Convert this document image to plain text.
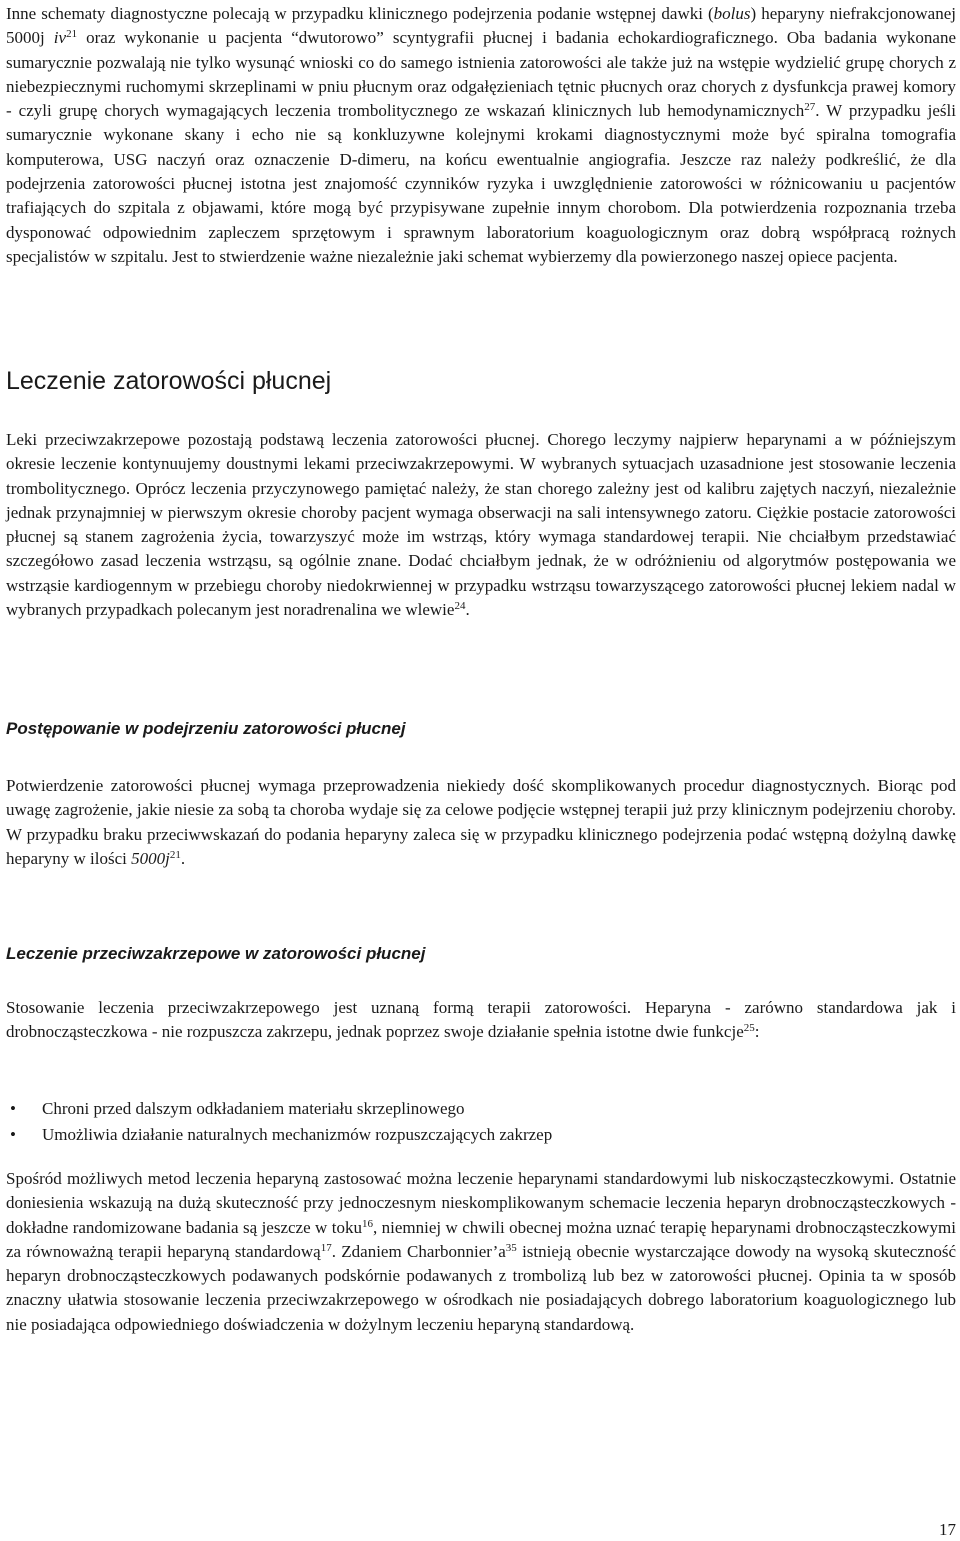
Inne schematy diagnostyczne polecają w przypadku klinicznego podejrzenia podanie wstępnej dawki (bolus) heparyny niefrakcjonowanej 5000j $iv^{21}$ oraz wykonanie u pacjenta “dwutorowo” scyntygrafii płucnej i badania echokardiograficznego. Oba badania wykonane sumarycznie pozwalają nie tylko wysunąć wnioski co do samego istnienia zatorowości ale także już na wstępie wydzielić grupę chorych z niebezpiecznymi ruchomymi skrzeplinami w pniu płucnym oraz odgałęzieniach tętnic płucnych oraz chorych z dysfunkcja prawej komory - czyli grupę chorych wymagających leczenia trombolitycznego ze wskazań klinicznych lub hemodynamicznych$^{27}$. W przypadku jeśli sumarycznie wykonane skany i echo nie są konkluzywne kolejnymi krokami diagnostycznymi może być spiralna tomografia komputerowa, USG naczyń oraz oznaczenie D-dimeru, na końcu ewentualnie angiografia. Jeszcze raz należy podkreślić, że dla podejrzenia zatorowości płucnej istotna jest znajomość czynników ryzyka i uwzględnienie zatorowości w różnicowaniu u pacjentów trafiających do szpitala z objawami, które mogą być przypisywane zupełnie innym chorobom. Dla potwierdzenia rozpoznania trzeba dysponować odpowiednim zapleczem sprzętowym i sprawnym laboratorium koaguologicznym oraz dobrą współpracą rożnych specjalistów w szpitalu. Jest to stwierdzenie ważne niezależnie jaki schemat wybierzemy dla powierzonego naszej opiece pacjenta.

Leczenie zatorowości płucnej

Leki przeciwzakrzepowe pozostają podstawą leczenia zatorowości płucnej. Chorego leczymy najpierw heparynami a w późniejszym okresie leczenie kontynuujemy doustnymi lekami przeciwzakrzepowymi. W wybranych sytuacjach uzasadnione jest stosowanie leczenia trombolitycznego. Oprócz leczenia przyczynowego pamiętać należy, że stan chorego zależny jest od kalibru zajętych naczyń, niezależnie jednak przynajmniej w pierwszym okresie choroby pacjent wymaga obserwacji na sali intensywnego zatoru. Ciężkie postacie zatorowości płucnej są stanem zagrożenia życia, towarzyszyć może im wstrząs, który wymaga standardowej terapii. Nie chciałbym przedstawiać szczegółowo zasad leczenia wstrząsu, są ogólnie znane. Dodać chciałbym jednak, że w odróżnieniu od algorytmów postępowania we wstrząsie kardiogennym w przebiegu choroby niedokrwiennej w przypadku wstrząsu towarzyszącego zatorowości płucnej lekiem nadal w wybranych przypadkach polecanym jest noradrenalina we wlewie$^{24}$.

Postępowanie w podejrzeniu zatorowości płucnej

Potwierdzenie zatorowości płucnej wymaga przeprowadzenia niekiedy dość skomplikowanych procedur diagnostycznych. Biorąc pod uwagę zagrożenie, jakie niesie za sobą ta choroba wydaje się za celowe podjęcie wstępnej terapii już przy klinicznym podejrzeniu choroby. W przypadku braku przeciwwskazań do podania heparyny zaleca się w przypadku klinicznego podejrzenia podać wstępną dożylną dawkę heparyny w ilości $5000j^{21}$.

Leczenie przeciwzakrzepowe w zatorowości płucnej

Stosowanie leczenia przeciwzakrzepowego jest uznaną formą terapii zatorowości. Heparyna - zarówno standardowa jak i drobnocząsteczkowa - nie rozpuszcza zakrzepu, jednak poprzez swoje działanie spełnia istotne dwie funkcje$^{25}$:

• Chroni przed dalszym odkładaniem materiału skrzeplinowego
• Umożliwia działanie naturalnych mechanizmów rozpuszczających zakrzep

Spośród możliwych metod leczenia heparyną zastosować można leczenie heparynami standardowymi lub niskocząsteczkowymi. Ostatnie doniesienia wskazują na dużą skuteczność przy jednoczesnym nieskomplikowanym schemacie leczenia heparyn drobnocząsteczkowych - dokładne randomizowane badania są jeszcze w toku$^{16}$, niemniej w chwili obecnej można uznać terapię heparynami drobnocząsteczkowymi za równoważną terapii heparyną standardową$^{17}$. Zdaniem $Charbonnier’a^{35}$ istnieją obecnie wystarczające dowody na wysoką skuteczność heparyn drobnocząsteczkowych podawanych podskórnie podawanych z trombolizą lub bez w zatorowości płucnej. Opinia ta w sposób znaczny ułatwia stosowanie leczenia przeciwzakrzepowego w ośrodkach nie posiadających dobrego laboratorium koaguologicznego lub nie posiadająca odpowiedniego doświadczenia w dożylnym leczeniu heparyną standardową.

17
